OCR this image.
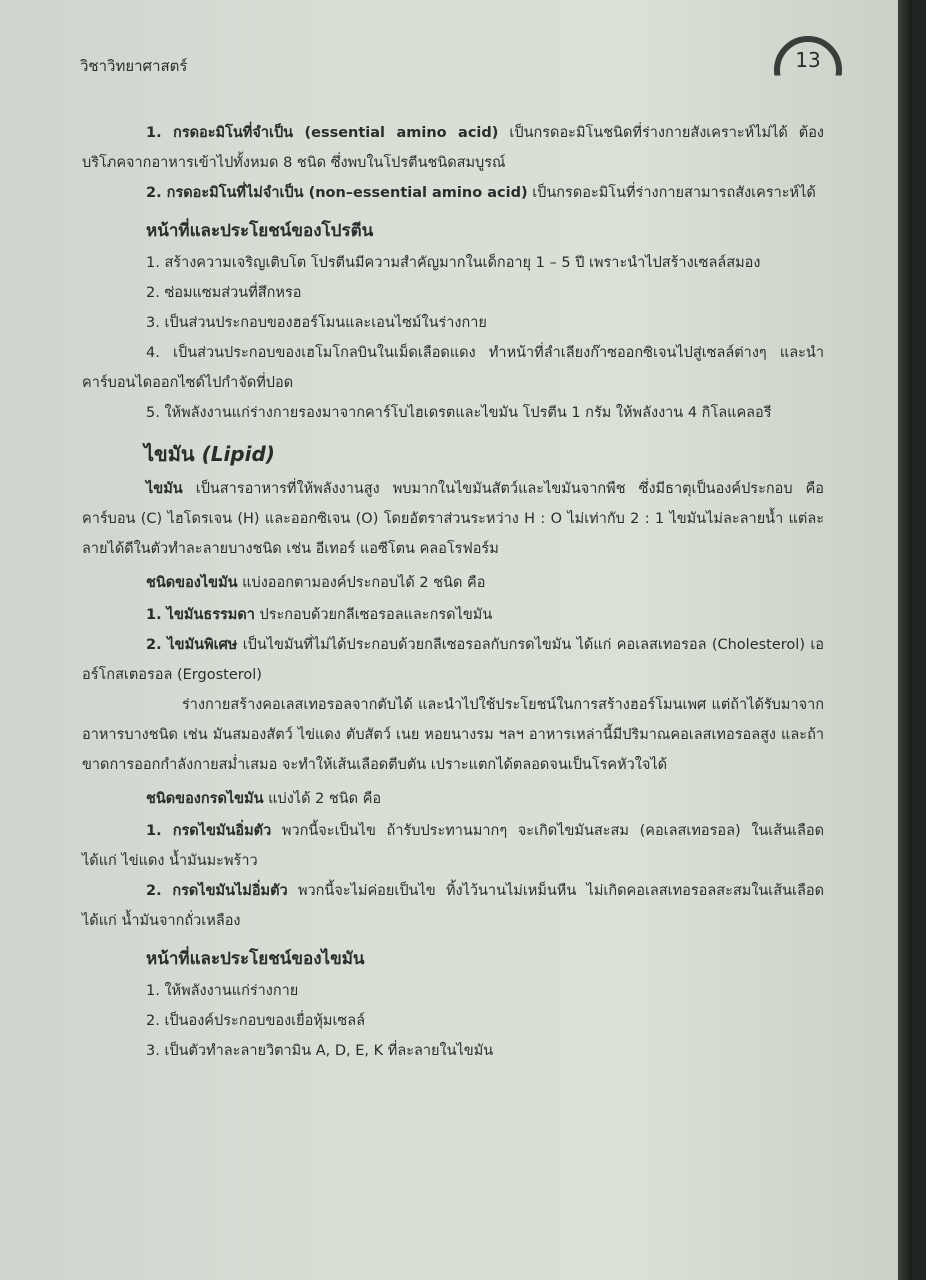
วิชาวิทยาศาสตร์	13

1. กรดอะมิโนที่จำเป็น (essential amino acid) เป็นกรดอะมิโนชนิดที่ร่างกายสังเคราะห์ไม่ได้ ต้องบริโภคจากอาหารเข้าไปทั้งหมด 8 ชนิด ซึ่งพบในโปรตีนชนิดสมบูรณ์

2. กรดอะมิโนที่ไม่จำเป็น (non–essential amino acid) เป็นกรดอะมิโนที่ร่างกายสามารถสังเคราะห์ได้

หน้าที่และประโยชน์ของโปรตีน

1. สร้างความเจริญเติบโต โปรตีนมีความสำคัญมากในเด็กอายุ 1 – 5 ปี เพราะนำไปสร้างเซลล์สมอง

2. ซ่อมแซมส่วนที่สึกหรอ

3. เป็นส่วนประกอบของฮอร์โมนและเอนไซม์ในร่างกาย

4. เป็นส่วนประกอบของเฮโมโกลบินในเม็ดเลือดแดง ทำหน้าที่ลำเลียงก๊าซออกซิเจนไปสู่เซลล์ต่างๆ และนำคาร์บอนไดออกไซด์ไปกำจัดที่ปอด

5. ให้พลังงานแก่ร่างกายรองมาจากคาร์โบไฮเดรตและไขมัน โปรตีน 1 กรัม ให้พลังงาน 4 กิโลแคลอรี

ไขมัน (Lipid)

ไขมัน เป็นสารอาหารที่ให้พลังงานสูง พบมากในไขมันสัตว์และไขมันจากพืช ซึ่งมีธาตุเป็นองค์ประกอบ คือ คาร์บอน (C) ไฮโดรเจน (H) และออกซิเจน (O) โดยอัตราส่วนระหว่าง H : O ไม่เท่ากับ 2 : 1 ไขมันไม่ละลายน้ำ แต่ละลายได้ดีในตัวทำละลายบางชนิด เช่น อีเทอร์ แอซีโตน คลอโรฟอร์ม

ชนิดของไขมัน แบ่งออกตามองค์ประกอบได้ 2 ชนิด คือ

1. ไขมันธรรมดา ประกอบด้วยกลีเซอรอลและกรดไขมัน

2. ไขมันพิเศษ เป็นไขมันที่ไม่ได้ประกอบด้วยกลีเซอรอลกับกรดไขมัน ได้แก่ คอเลสเทอรอล (Cholesterol) เออร์โกสเตอรอล (Ergosterol)

ร่างกายสร้างคอเลสเทอรอลจากตับได้ และนำไปใช้ประโยชน์ในการสร้างฮอร์โมนเพศ แต่ถ้าได้รับมาจากอาหารบางชนิด เช่น มันสมองสัตว์ ไข่แดง ตับสัตว์ เนย หอยนางรม ฯลฯ อาหารเหล่านี้มีปริมาณคอเลสเทอรอลสูง และถ้าขาดการออกกำลังกายสม่ำเสมอ จะทำให้เส้นเลือดตีบตัน เปราะแตกได้ตลอดจนเป็นโรคหัวใจได้

ชนิดของกรดไขมัน แบ่งได้ 2 ชนิด คือ

1. กรดไขมันอิ่มตัว พวกนี้จะเป็นไข ถ้ารับประทานมากๆ จะเกิดไขมันสะสม (คอเลสเทอรอล) ในเส้นเลือด ได้แก่ ไข่แดง น้ำมันมะพร้าว

2. กรดไขมันไม่อิ่มตัว พวกนี้จะไม่ค่อยเป็นไข ทิ้งไว้นานไม่เหม็นหืน ไม่เกิดคอเลสเทอรอลสะสมในเส้นเลือด ได้แก่ น้ำมันจากถั่วเหลือง

หน้าที่และประโยชน์ของไขมัน

1. ให้พลังงานแก่ร่างกาย

2. เป็นองค์ประกอบของเยื่อหุ้มเซลล์

3. เป็นตัวทำละลายวิตามิน A, D, E, K ที่ละลายในไขมัน
